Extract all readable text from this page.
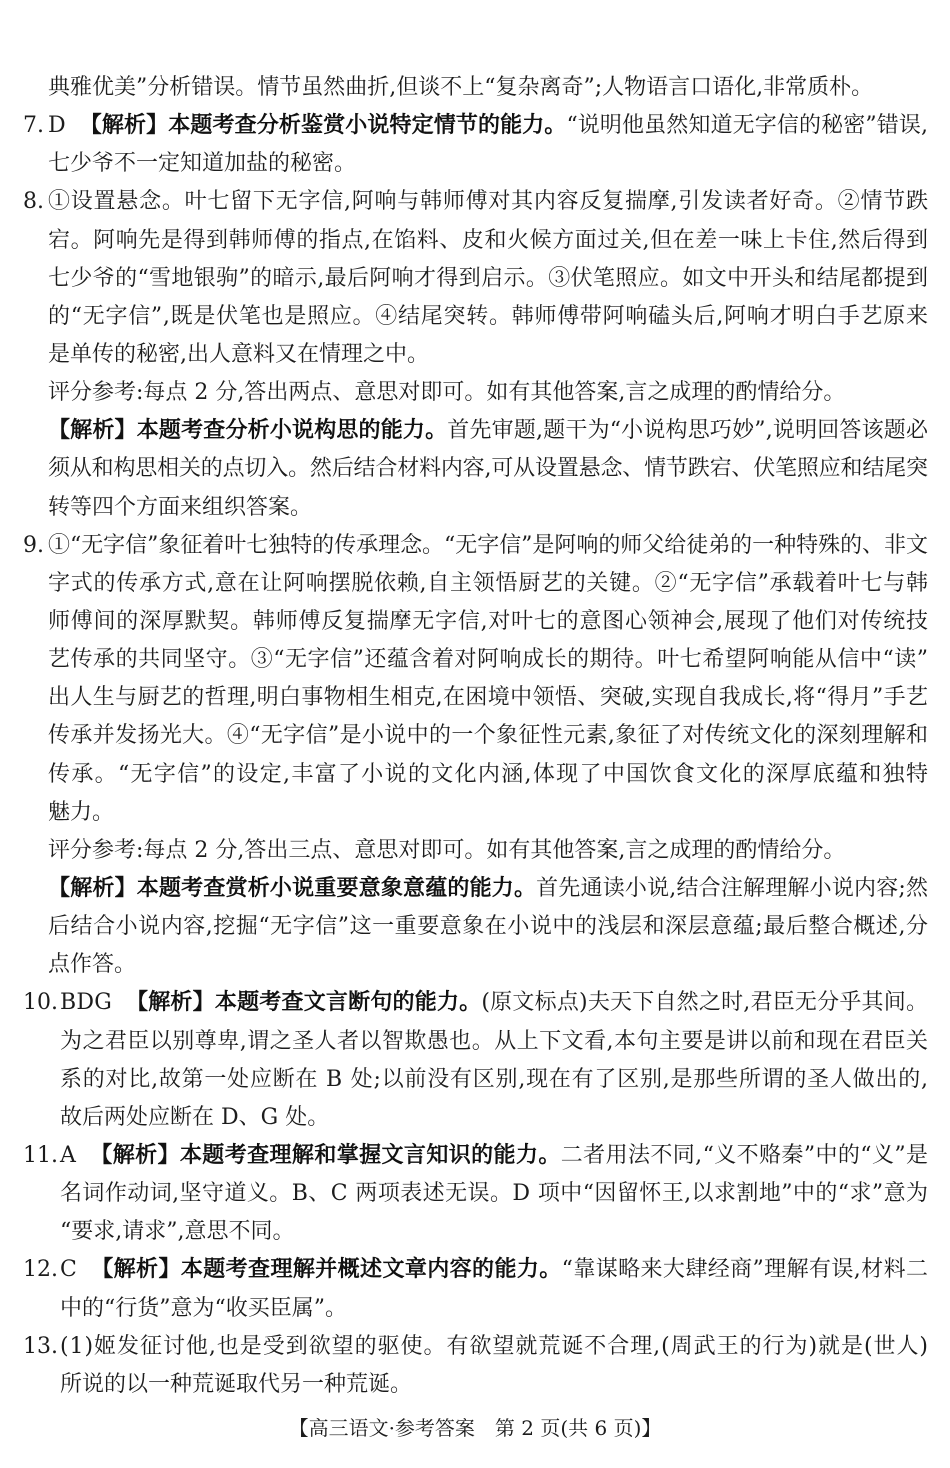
典雅优美”分析错误。情节虽然曲折,但谈不上“复杂离奇”;人物语言口语化,非常质朴。
7. D 【解析】本题考查分析鉴赏小说特定情节的能力。“说明他虽然知道无字信的秘密”错误,
七少爷不一定知道加盐的秘密。
8. ①设置悬念。叶七留下无字信,阿响与韩师傅对其内容反复揣摩,引发读者好奇。②情节跌
宕。阿响先是得到韩师傅的指点,在馅料、皮和火候方面过关,但在差一味上卡住,然后得到
七少爷的“雪地银驹”的暗示,最后阿响才得到启示。③伏笔照应。如文中开头和结尾都提到
的“无字信”,既是伏笔也是照应。④结尾突转。韩师傅带阿响磕头后,阿响才明白手艺原来
是单传的秘密,出人意料又在情理之中。
评分参考:每点 2 分,答出两点、意思对即可。如有其他答案,言之成理的酌情给分。
【解析】本题考查分析小说构思的能力。首先审题,题干为“小说构思巧妙”,说明回答该题必
须从和构思相关的点切入。然后结合材料内容,可从设置悬念、情节跌宕、伏笔照应和结尾突
转等四个方面来组织答案。
9. ①“无字信”象征着叶七独特的传承理念。“无字信”是阿响的师父给徒弟的一种特殊的、非文
字式的传承方式,意在让阿响摆脱依赖,自主领悟厨艺的关键。②“无字信”承载着叶七与韩
师傅间的深厚默契。韩师傅反复揣摩无字信,对叶七的意图心领神会,展现了他们对传统技
艺传承的共同坚守。③“无字信”还蕴含着对阿响成长的期待。叶七希望阿响能从信中“读”
出人生与厨艺的哲理,明白事物相生相克,在困境中领悟、突破,实现自我成长,将“得月”手艺
传承并发扬光大。④“无字信”是小说中的一个象征性元素,象征了对传统文化的深刻理解和
传承。“无字信”的设定,丰富了小说的文化内涵,体现了中国饮食文化的深厚底蕴和独特
魅力。
评分参考:每点 2 分,答出三点、意思对即可。如有其他答案,言之成理的酌情给分。
【解析】本题考查赏析小说重要意象意蕴的能力。首先通读小说,结合注解理解小说内容;然
后结合小说内容,挖掘“无字信”这一重要意象在小说中的浅层和深层意蕴;最后整合概述,分
点作答。
10. BDG 【解析】本题考查文言断句的能力。(原文标点)夫天下自然之时,君臣无分乎其间。
为之君臣以别尊卑,谓之圣人者以智欺愚也。从上下文看,本句主要是讲以前和现在君臣关
系的对比,故第一处应断在 B 处;以前没有区别,现在有了区别,是那些所谓的圣人做出的,
故后两处应断在 D、G 处。
11. A 【解析】本题考查理解和掌握文言知识的能力。二者用法不同,“义不赂秦”中的“义”是
名词作动词,坚守道义。B、C 两项表述无误。D 项中“因留怀王,以求割地”中的“求”意为
“要求,请求”,意思不同。
12. C 【解析】本题考查理解并概述文章内容的能力。“靠谋略来大肆经商”理解有误,材料二
中的“行货”意为“收买臣属”。
13. (1)姬发征讨他,也是受到欲望的驱使。有欲望就荒诞不合理,(周武王的行为)就是(世人)
所说的以一种荒诞取代另一种荒诞。
【高三语文·参考答案　第 2 页(共 6 页)】
